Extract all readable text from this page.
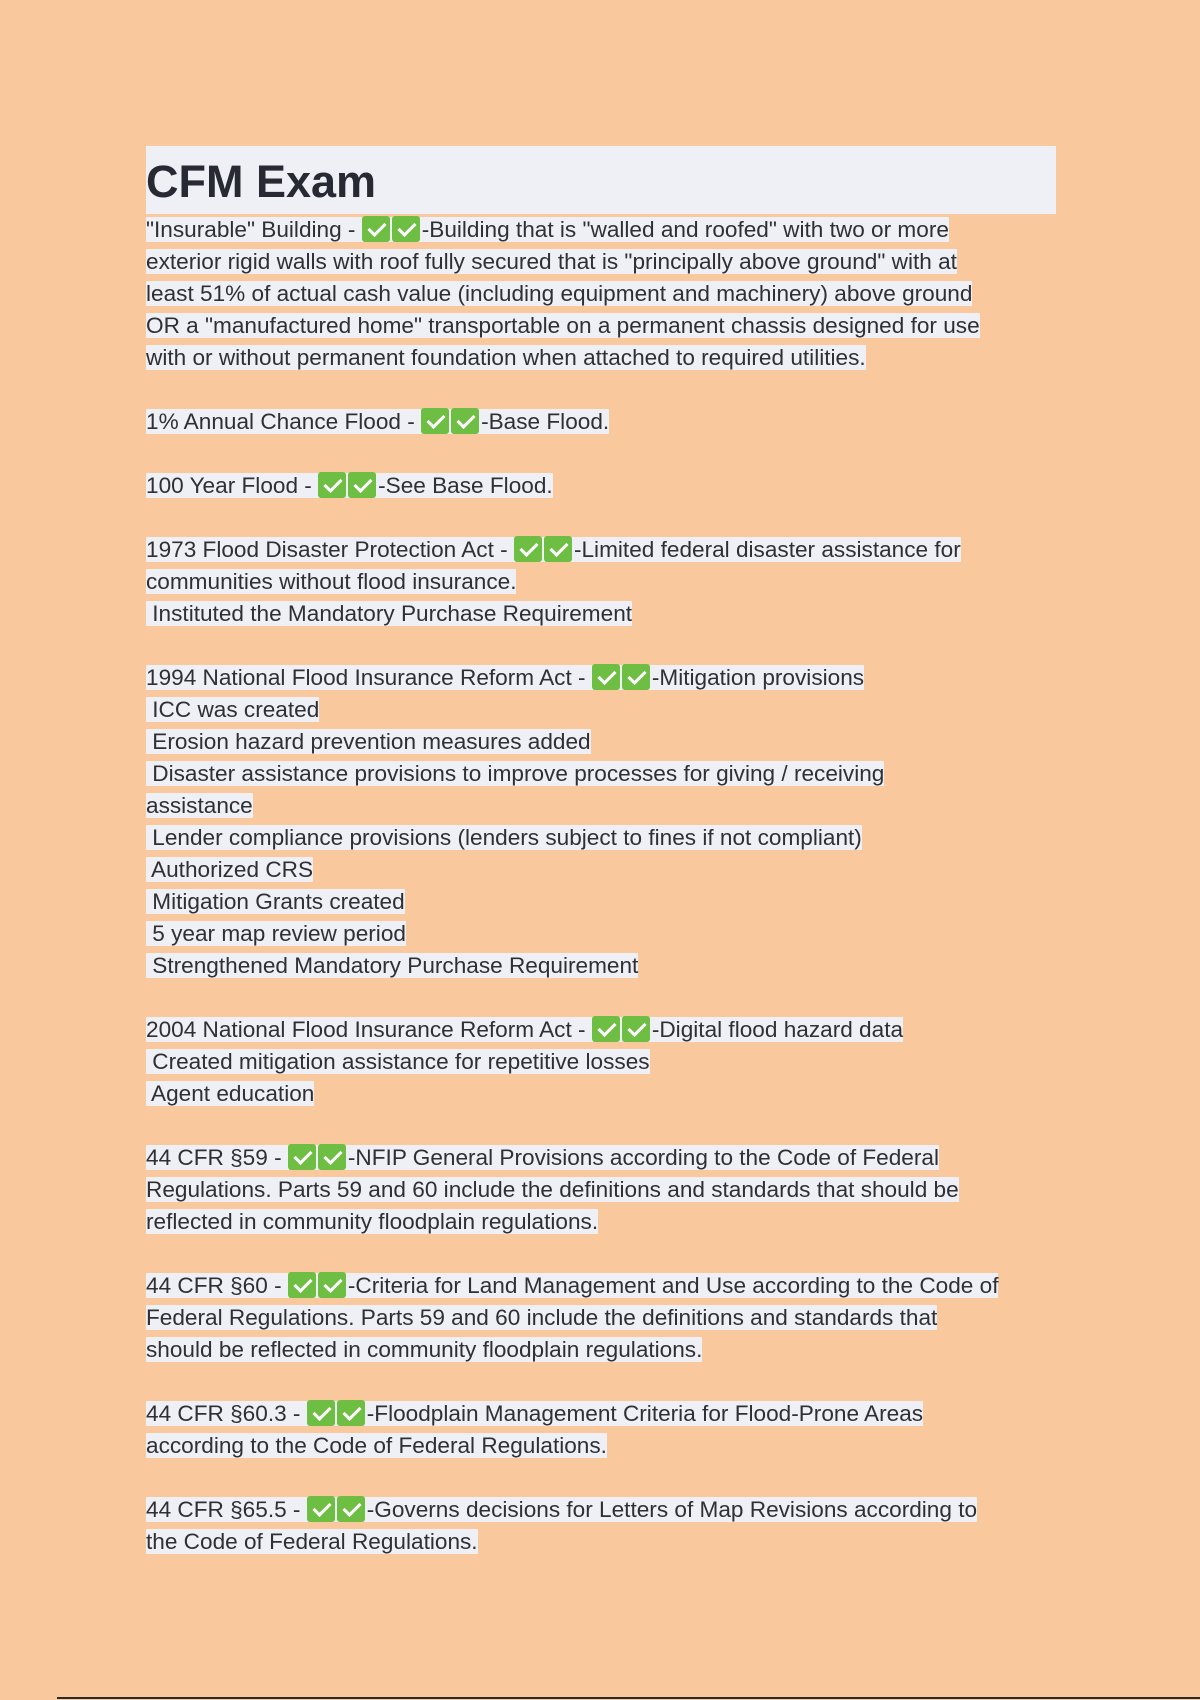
CFM Exam
"Insurable" Building -	-Building that is "walled and roofed" with two or more
exterior rigid walls with roof fully secured that is "principally above ground" with at
least 51% of actual cash value (including equipment and machinery) above ground
OR a "manufactured home" transportable on a permanent chassis designed for use
with or without permanent foundation when attached to required utilities.
1% Annual Chance Flood -	-Base Flood.
100 Year Flood -	-See Base Flood.
1973 Flood Disaster Protection Act -	-Limited federal disaster assistance for
communities without flood insurance.
Instituted the Mandatory Purchase Requirement
1994 National Flood Insurance Reform Act -	-Mitigation provisions
ICC was created
Erosion hazard prevention measures added
Disaster assistance provisions to improve processes for giving / receiving
assistance
Lender compliance provisions (lenders subject to fines if not compliant)
Authorized CRS
Mitigation Grants created
5 year map review period
Strengthened Mandatory Purchase Requirement
2004 National Flood Insurance Reform Act -	-Digital flood hazard data
Created mitigation assistance for repetitive losses
Agent education
44 CFR §59 -	-NFIP General Provisions according to the Code of Federal
Regulations. Parts 59 and 60 include the definitions and standards that should be
reflected in community floodplain regulations.
44 CFR §60 -	-Criteria for Land Management and Use according to the Code of
Federal Regulations. Parts 59 and 60 include the definitions and standards that
should be reflected in community floodplain regulations.
44 CFR §60.3 -	-Floodplain Management Criteria for Flood-Prone Areas
according to the Code of Federal Regulations.
44 CFR §65.5 -	-Governs decisions for Letters of Map Revisions according to
the Code of Federal Regulations.
